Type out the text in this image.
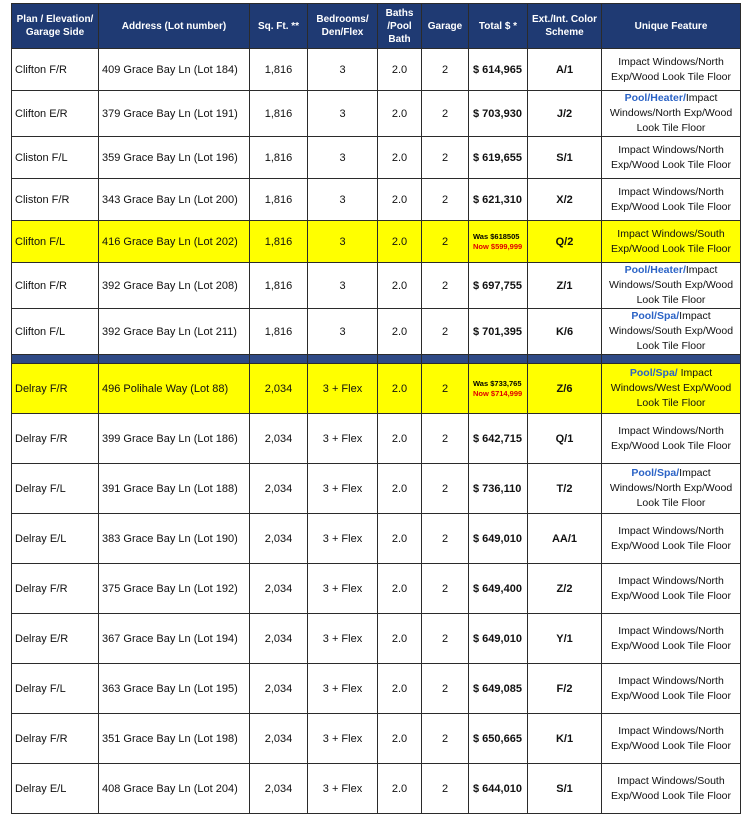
Plan / Elevation/ Garage Side	Address (Lot number)	Sq. Ft. **	Bedrooms/ Den/Flex	Baths /Pool Bath	Garage	Total $ *	Ext./Int. Color Scheme	Unique Feature
Clifton F/R	409 Grace Bay Ln (Lot 184)	1,816	3	2.0	2	$ 614,965	A/1	Impact Windows/North Exp/Wood Look Tile Floor
Clifton E/R	379 Grace Bay Ln (Lot 191)	1,816	3	2.0	2	$ 703,930	J/2	Pool/Heater/Impact Windows/North Exp/Wood Look Tile Floor
Cliston F/L	359 Grace Bay Ln (Lot 196)	1,816	3	2.0	2	$ 619,655	S/1	Impact Windows/North Exp/Wood Look Tile Floor
Cliston F/R	343 Grace Bay Ln (Lot 200)	1,816	3	2.0	2	$ 621,310	X/2	Impact Windows/North Exp/Wood Look Tile Floor
Clifton F/L	416 Grace Bay Ln (Lot 202)	1,816	3	2.0	2	Was $618505
Now $599,999	Q/2	Impact Windows/South Exp/Wood Look Tile Floor
Clifton F/R	392 Grace Bay Ln (Lot 208)	1,816	3	2.0	2	$ 697,755	Z/1	Pool/Heater/Impact Windows/South Exp/Wood Look Tile Floor
Clifton F/L	392 Grace Bay Ln (Lot 211)	1,816	3	2.0	2	$ 701,395	K/6	Pool/Spa/Impact Windows/South Exp/Wood Look Tile Floor

Delray F/R	496 Polihale Way (Lot 88)	2,034	3 + Flex	2.0	2	Was $733,765
Now $714,999	Z/6	Pool/Spa/ Impact Windows/West Exp/Wood Look Tile Floor
Delray F/R	399 Grace Bay Ln (Lot 186)	2,034	3 + Flex	2.0	2	$ 642,715	Q/1	Impact Windows/North Exp/Wood Look Tile Floor
Delray F/L	391 Grace Bay Ln (Lot 188)	2,034	3 + Flex	2.0	2	$ 736,110	T/2	Pool/Spa/Impact Windows/North Exp/Wood Look Tile Floor
Delray E/L	383 Grace Bay Ln (Lot 190)	2,034	3 + Flex	2.0	2	$ 649,010	AA/1	Impact Windows/North Exp/Wood Look Tile Floor
Delray F/R	375 Grace Bay Ln (Lot 192)	2,034	3 + Flex	2.0	2	$ 649,400	Z/2	Impact Windows/North Exp/Wood Look Tile Floor
Delray E/R	367 Grace Bay Ln (Lot 194)	2,034	3 + Flex	2.0	2	$ 649,010	Y/1	Impact Windows/North Exp/Wood Look Tile Floor
Delray F/L	363 Grace Bay Ln (Lot 195)	2,034	3 + Flex	2.0	2	$ 649,085	F/2	Impact Windows/North Exp/Wood Look Tile Floor
Delray F/R	351 Grace Bay Ln (Lot 198)	2,034	3 + Flex	2.0	2	$ 650,665	K/1	Impact Windows/North Exp/Wood Look Tile Floor
Delray E/L	408 Grace Bay Ln (Lot 204)	2,034	3 + Flex	2.0	2	$ 644,010	S/1	Impact Windows/South Exp/Wood Look Tile Floor
